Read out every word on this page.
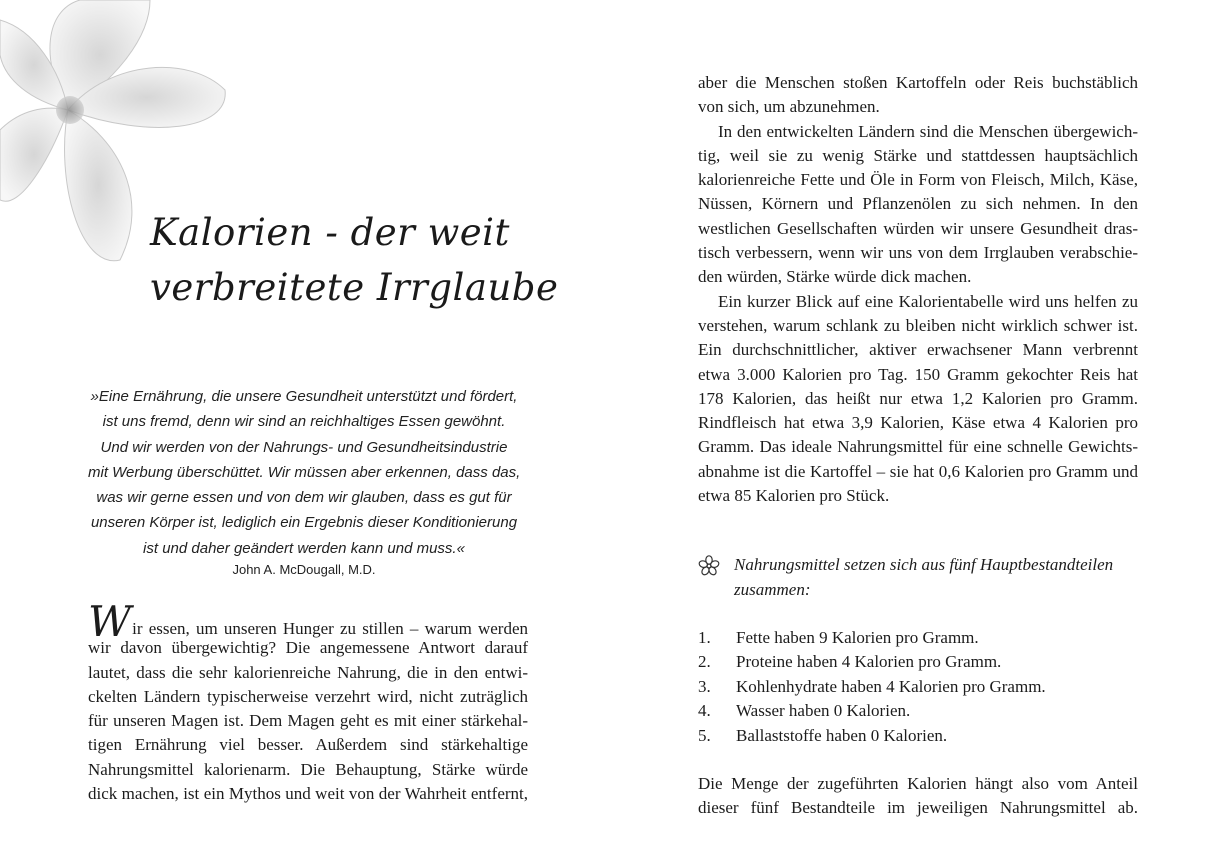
Kalorien - der weit
verbreitete Irrglaube
»Eine Ernährung, die unsere Gesundheit unterstützt und fördert,
ist uns fremd, denn wir sind an reichhaltiges Essen gewöhnt.
Und wir werden von der Nahrungs- und Gesundheitsindustrie
mit Werbung überschüttet. Wir müssen aber erkennen, dass das,
was wir gerne essen und von dem wir glauben, dass es gut für
unseren Körper ist, lediglich ein Ergebnis dieser Konditionierung
ist und daher geändert werden kann und muss.«
John A. McDougall, M.D.
Wir essen, um unseren Hunger zu stillen – warum werden
wir davon übergewichtig? Die angemessene Antwort darauf
lautet, dass die sehr kalorienreiche Nahrung, die in den entwi-
ckelten Ländern typischerweise verzehrt wird, nicht zuträglich
für unseren Magen ist. Dem Magen geht es mit einer stärkehal-
tigen Ernährung viel besser. Außerdem sind stärkehaltige
Nahrungsmittel kalorienarm. Die Behauptung, Stärke würde
dick machen, ist ein Mythos und weit von der Wahrheit entfernt,
aber die Menschen stoßen Kartoffeln oder Reis buchstäblich
von sich, um abzunehmen.
In den entwickelten Ländern sind die Menschen übergewich-
tig, weil sie zu wenig Stärke und stattdessen hauptsächlich
kalorienreiche Fette und Öle in Form von Fleisch, Milch, Käse,
Nüssen, Körnern und Pflanzenölen zu sich nehmen. In den
westlichen Gesellschaften würden wir unsere Gesundheit dras-
tisch verbessern, wenn wir uns von dem Irrglauben verabschie-
den würden, Stärke würde dick machen.
Ein kurzer Blick auf eine Kalorientabelle wird uns helfen zu
verstehen, warum schlank zu bleiben nicht wirklich schwer ist.
Ein durchschnittlicher, aktiver erwachsener Mann verbrennt
etwa 3.000 Kalorien pro Tag. 150 Gramm gekochter Reis hat
178 Kalorien, das heißt nur etwa 1,2 Kalorien pro Gramm.
Rindfleisch hat etwa 3,9 Kalorien, Käse etwa 4 Kalorien pro
Gramm. Das ideale Nahrungsmittel für eine schnelle Gewichts-
abnahme ist die Kartoffel – sie hat 0,6 Kalorien pro Gramm und
etwa 85 Kalorien pro Stück.
Nahrungsmittel setzen sich aus fünf Hauptbestandteilen
zusammen:
1. Fette haben 9 Kalorien pro Gramm.
2. Proteine haben 4 Kalorien pro Gramm.
3. Kohlenhydrate haben 4 Kalorien pro Gramm.
4. Wasser haben 0 Kalorien.
5. Ballaststoffe haben 0 Kalorien.
Die Menge der zugeführten Kalorien hängt also vom Anteil
dieser fünf Bestandteile im jeweiligen Nahrungsmittel ab.
